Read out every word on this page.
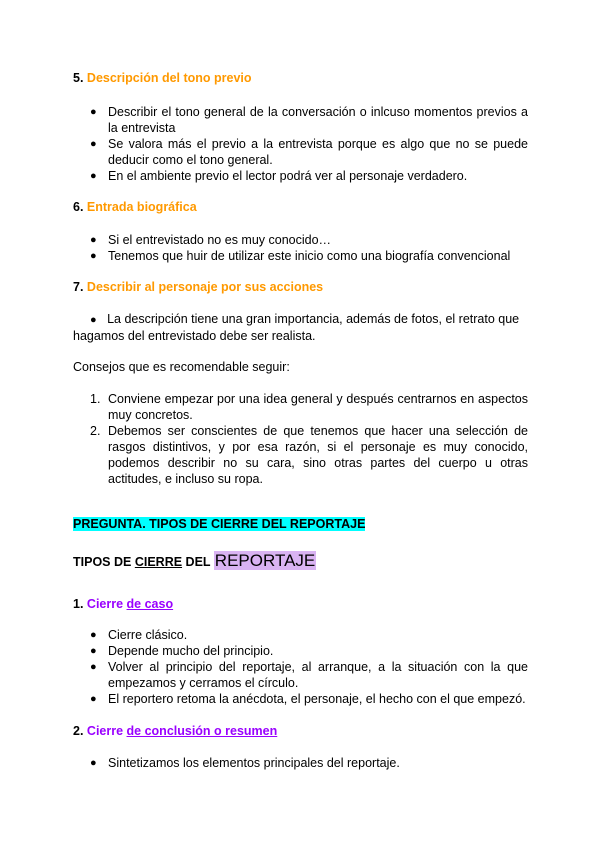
5. Descripción del tono previo
● Describir el tono general de la conversación o inlcuso momentos previos a la entrevista
● Se valora más el previo a la entrevista porque es algo que no se puede deducir como el tono general.
● En el ambiente previo el lector podrá ver al personaje verdadero.
6. Entrada biográfica
● Si el entrevistado no es muy conocido…
● Tenemos que huir de utilizar este inicio como una biografía convencional
7. Describir al personaje por sus acciones

● La descripción tiene una gran importancia, además de fotos, el retrato que hagamos del entrevistado debe ser realista.

Consejos que es recomendable seguir:

1. Conviene empezar por una idea general y después centrarnos en aspectos muy concretos.
2. Debemos ser conscientes de que tenemos que hacer una selección de rasgos distintivos, y por esa razón, si el personaje es muy conocido, podemos describir no su cara, sino otras partes del cuerpo u otras actitudes, e incluso su ropa.
PREGUNTA. TIPOS DE CIERRE DEL REPORTAJE
TIPOS DE CIERRE DEL REPORTAJE
1. Cierre de caso
● Cierre clásico.
● Depende mucho del principio.
● Volver al principio del reportaje, al arranque, a la situación con la que empezamos y cerramos el círculo.
● El reportero retoma la anécdota, el personaje, el hecho con el que empezó.
2. Cierre de conclusión o resumen
● Sintetizamos los elementos principales del reportaje.
